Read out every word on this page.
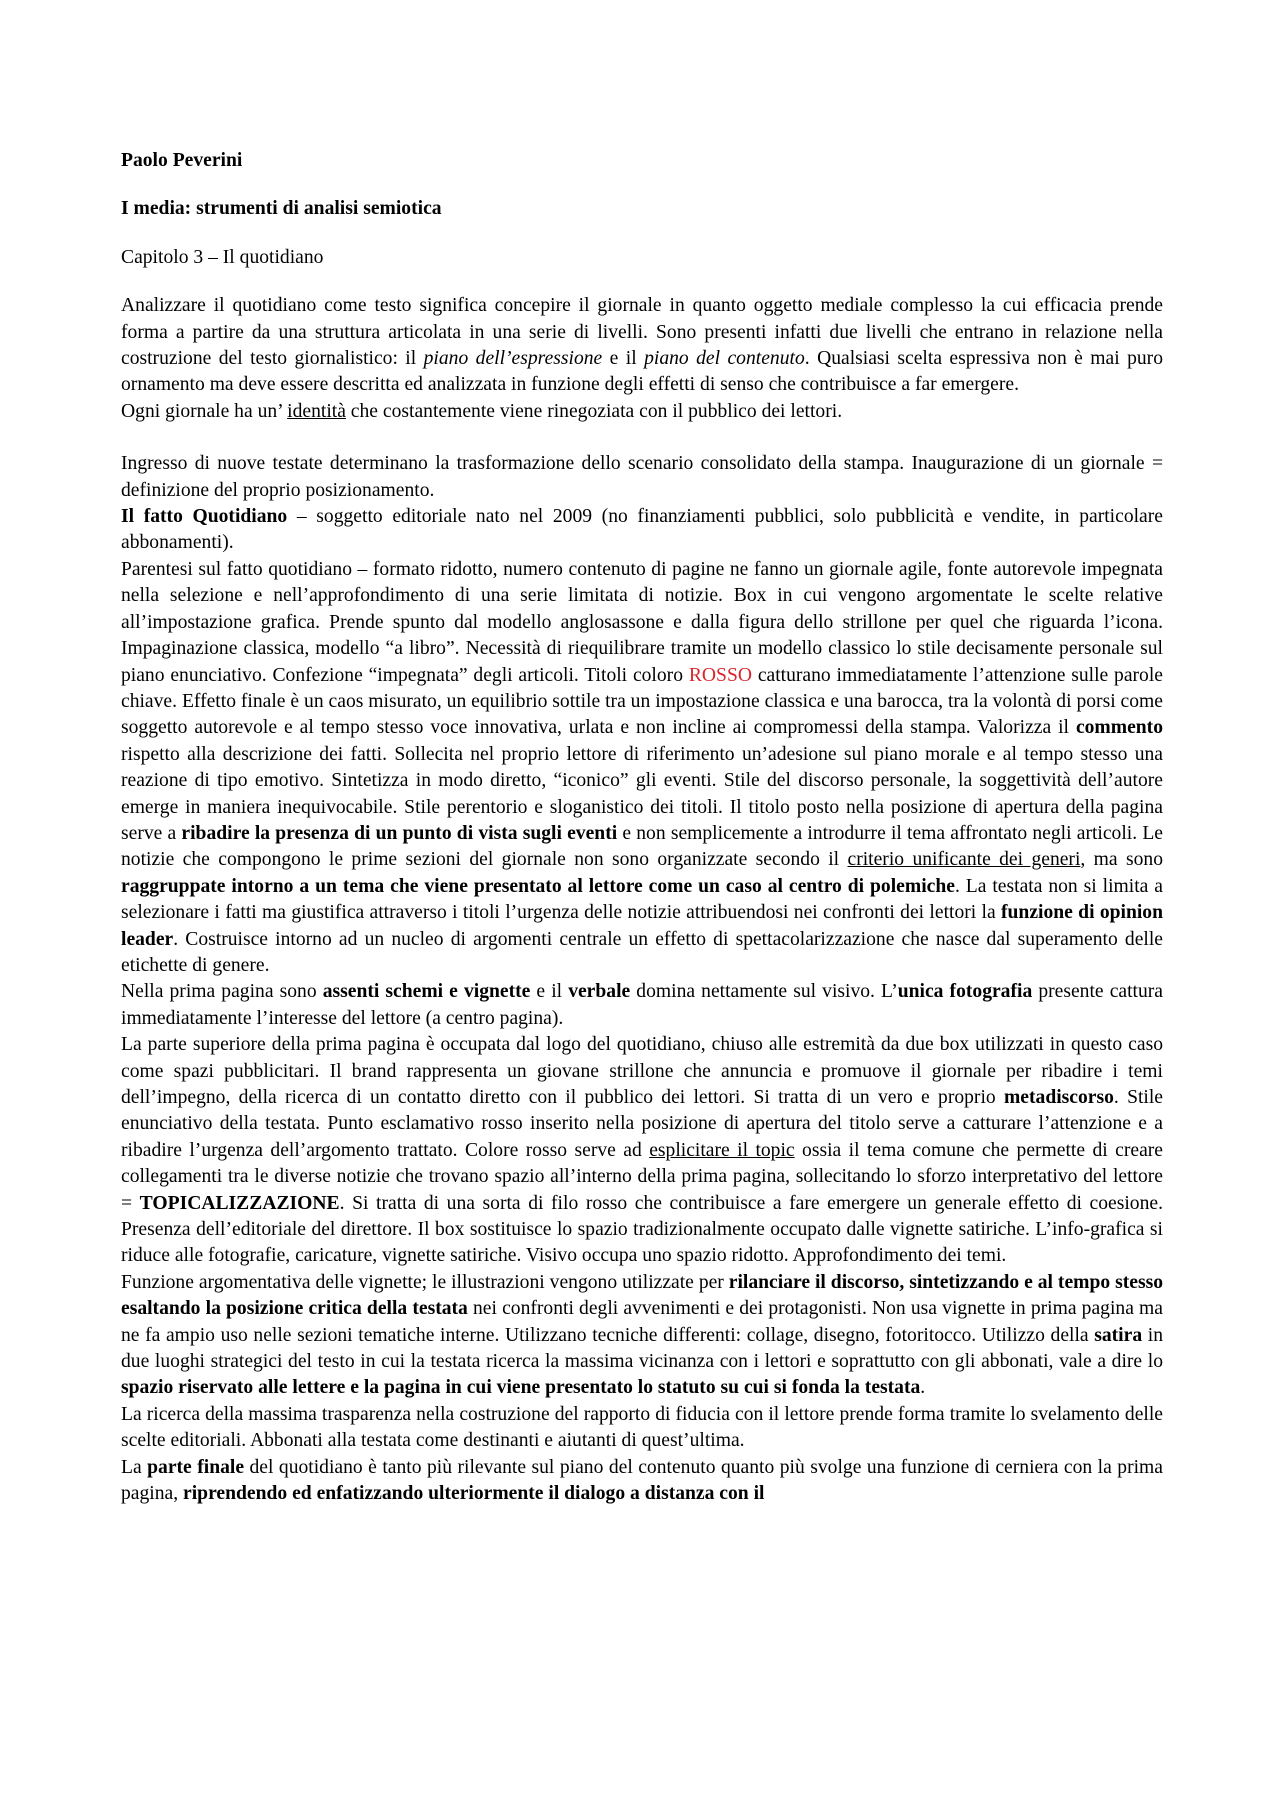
Paolo Peverini

I media: strumenti di analisi semiotica

Capitolo 3 – Il quotidiano

Analizzare il quotidiano come testo significa concepire il giornale in quanto oggetto mediale complesso la cui efficacia prende forma a partire da una struttura articolata in una serie di livelli. Sono presenti infatti due livelli che entrano in relazione nella costruzione del testo giornalistico: il piano dell’espressione e il piano del contenuto. Qualsiasi scelta espressiva non è mai puro ornamento ma deve essere descritta ed analizzata in funzione degli effetti di senso che contribuisce a far emergere.

Ogni giornale ha un’ identità che costantemente viene rinegoziata con il pubblico dei lettori.

Ingresso di nuove testate determinano la trasformazione dello scenario consolidato della stampa. Inaugurazione di un giornale = definizione del proprio posizionamento.

Il fatto Quotidiano – soggetto editoriale nato nel 2009 (no finanziamenti pubblici, solo pubblicità e vendite, in particolare abbonamenti).

Parentesi sul fatto quotidiano – formato ridotto, numero contenuto di pagine ne fanno un giornale agile, fonte autorevole impegnata nella selezione e nell’approfondimento di una serie limitata di notizie. Box in cui vengono argomentate le scelte relative all’impostazione grafica. Prende spunto dal modello anglosassone e dalla figura dello strillone per quel che riguarda l’icona. Impaginazione classica, modello “a libro”. Necessità di riequilibrare tramite un modello classico lo stile decisamente personale sul piano enunciativo. Confezione “impegnata” degli articoli. Titoli coloro ROSSO catturano immediatamente l’attenzione sulle parole chiave. Effetto finale è un caos misurato, un equilibrio sottile tra un impostazione classica e una barocca, tra la volontà di porsi come soggetto autorevole e al tempo stesso voce innovativa, urlata e non incline ai compromessi della stampa. Valorizza il commento rispetto alla descrizione dei fatti. Sollecita nel proprio lettore di riferimento un’adesione sul piano morale e al tempo stesso una reazione di tipo emotivo. Sintetizza in modo diretto, “iconico” gli eventi. Stile del discorso personale, la soggettività dell’autore emerge in maniera inequivocabile. Stile perentorio e sloganistico dei titoli. Il titolo posto nella posizione di apertura della pagina serve a ribadire la presenza di un punto di vista sugli eventi e non semplicemente a introdurre il tema affrontato negli articoli. Le notizie che compongono le prime sezioni del giornale non sono organizzate secondo il criterio unificante dei generi, ma sono raggruppate intorno a un tema che viene presentato al lettore come un caso al centro di polemiche. La testata non si limita a selezionare i fatti ma giustifica attraverso i titoli l’urgenza delle notizie attribuendosi nei confronti dei lettori la funzione di opinion leader. Costruisce intorno ad un nucleo di argomenti centrale un effetto di spettacolarizzazione che nasce dal superamento delle etichette di genere.

Nella prima pagina sono assenti schemi e vignette e il verbale domina nettamente sul visivo. L’unica fotografia presente cattura immediatamente l’interesse del lettore (a centro pagina).

La parte superiore della prima pagina è occupata dal logo del quotidiano, chiuso alle estremità da due box utilizzati in questo caso come spazi pubblicitari. Il brand rappresenta un giovane strillone che annuncia e promuove il giornale per ribadire i temi dell’impegno, della ricerca di un contatto diretto con il pubblico dei lettori. Si tratta di un vero e proprio metadiscorso. Stile enunciativo della testata. Punto esclamativo rosso inserito nella posizione di apertura del titolo serve a catturare l’attenzione e a ribadire l’urgenza dell’argomento trattato. Colore rosso serve ad esplicitare il topic ossia il tema comune che permette di creare collegamenti tra le diverse notizie che trovano spazio all’interno della prima pagina, sollecitando lo sforzo interpretativo del lettore = TOPICALIZZAZIONE. Si tratta di una sorta di filo rosso che contribuisce a fare emergere un generale effetto di coesione. Presenza dell’editoriale del direttore. Il box sostituisce lo spazio tradizionalmente occupato dalle vignette satiriche. L’info-grafica si riduce alle fotografie, caricature, vignette satiriche. Visivo occupa uno spazio ridotto. Approfondimento dei temi.

Funzione argomentativa delle vignette; le illustrazioni vengono utilizzate per rilanciare il discorso, sintetizzando e al tempo stesso esaltando la posizione critica della testata nei confronti degli avvenimenti e dei protagonisti. Non usa vignette in prima pagina ma ne fa ampio uso nelle sezioni tematiche interne. Utilizzano tecniche differenti: collage, disegno, fotoritocco. Utilizzo della satira in due luoghi strategici del testo in cui la testata ricerca la massima vicinanza con i lettori e soprattutto con gli abbonati, vale a dire lo spazio riservato alle lettere e la pagina in cui viene presentato lo statuto su cui si fonda la testata.

La ricerca della massima trasparenza nella costruzione del rapporto di fiducia con il lettore prende forma tramite lo svelamento delle scelte editoriali. Abbonati alla testata come destinanti e aiutanti di quest’ultima.

La parte finale del quotidiano è tanto più rilevante sul piano del contenuto quanto più svolge una funzione di cerniera con la prima pagina, riprendendo ed enfatizzando ulteriormente il dialogo a distanza con il
